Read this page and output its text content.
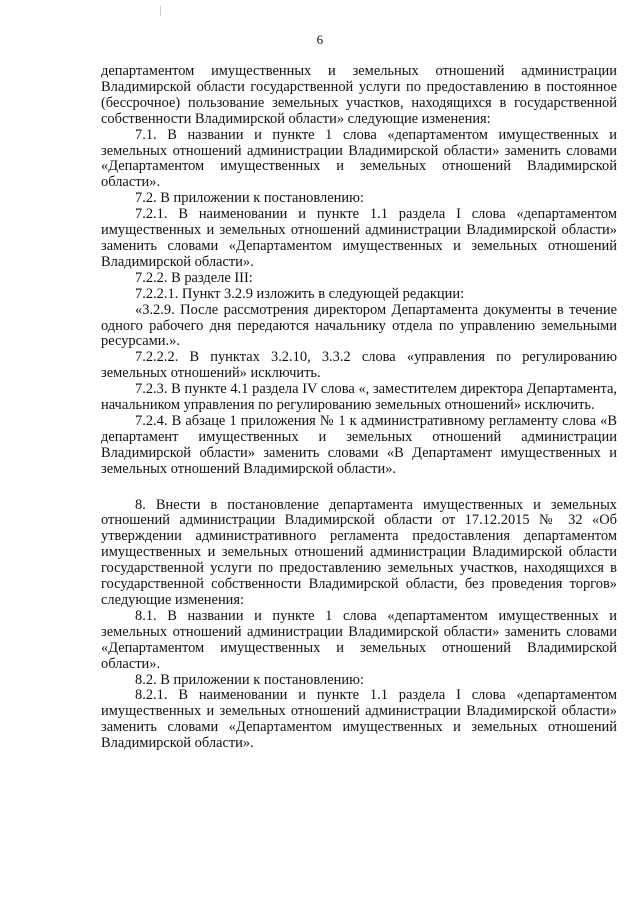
6

департаментом имущественных и земельных отношений администрации Владимирской области государственной услуги по предоставлению в постоянное (бессрочное) пользование земельных участков, находящихся в государственной собственности Владимирской области» следующие изменения:

7.1. В названии и пункте 1 слова «департаментом имущественных и земельных отношений администрации Владимирской области» заменить словами «Департаментом имущественных и земельных отношений Владимирской области».

7.2. В приложении к постановлению:

7.2.1. В наименовании и пункте 1.1 раздела I слова «департаментом имущественных и земельных отношений администрации Владимирской области» заменить словами «Департаментом имущественных и земельных отношений Владимирской области».

7.2.2. В разделе III:

7.2.2.1. Пункт 3.2.9 изложить в следующей редакции:

«3.2.9. После рассмотрения директором Департамента документы в течение одного рабочего дня передаются начальнику отдела по управлению земельными ресурсами.».

7.2.2.2. В пунктах 3.2.10, 3.3.2 слова «управления по регулированию земельных отношений» исключить.

7.2.3. В пункте 4.1 раздела IV слова «, заместителем директора Департамента, начальником управления по регулированию земельных отношений» исключить.

7.2.4. В абзаце 1 приложения № 1 к административному регламенту слова «В департамент имущественных и земельных отношений администрации Владимирской области» заменить словами «В Департамент имущественных и земельных отношений Владимирской области».

8. Внести в постановление департамента имущественных и земельных отношений администрации Владимирской области от 17.12.2015 № 32 «Об утверждении административного регламента предоставления департаментом имущественных и земельных отношений администрации Владимирской области государственной услуги по предоставлению земельных участков, находящихся в государственной собственности Владимирской области, без проведения торгов» следующие изменения:

8.1. В названии и пункте 1 слова «департаментом имущественных и земельных отношений администрации Владимирской области» заменить словами «Департаментом имущественных и земельных отношений Владимирской области».

8.2. В приложении к постановлению:

8.2.1. В наименовании и пункте 1.1 раздела I слова «департаментом имущественных и земельных отношений администрации Владимирской области» заменить словами «Департаментом имущественных и земельных отношений Владимирской области».
